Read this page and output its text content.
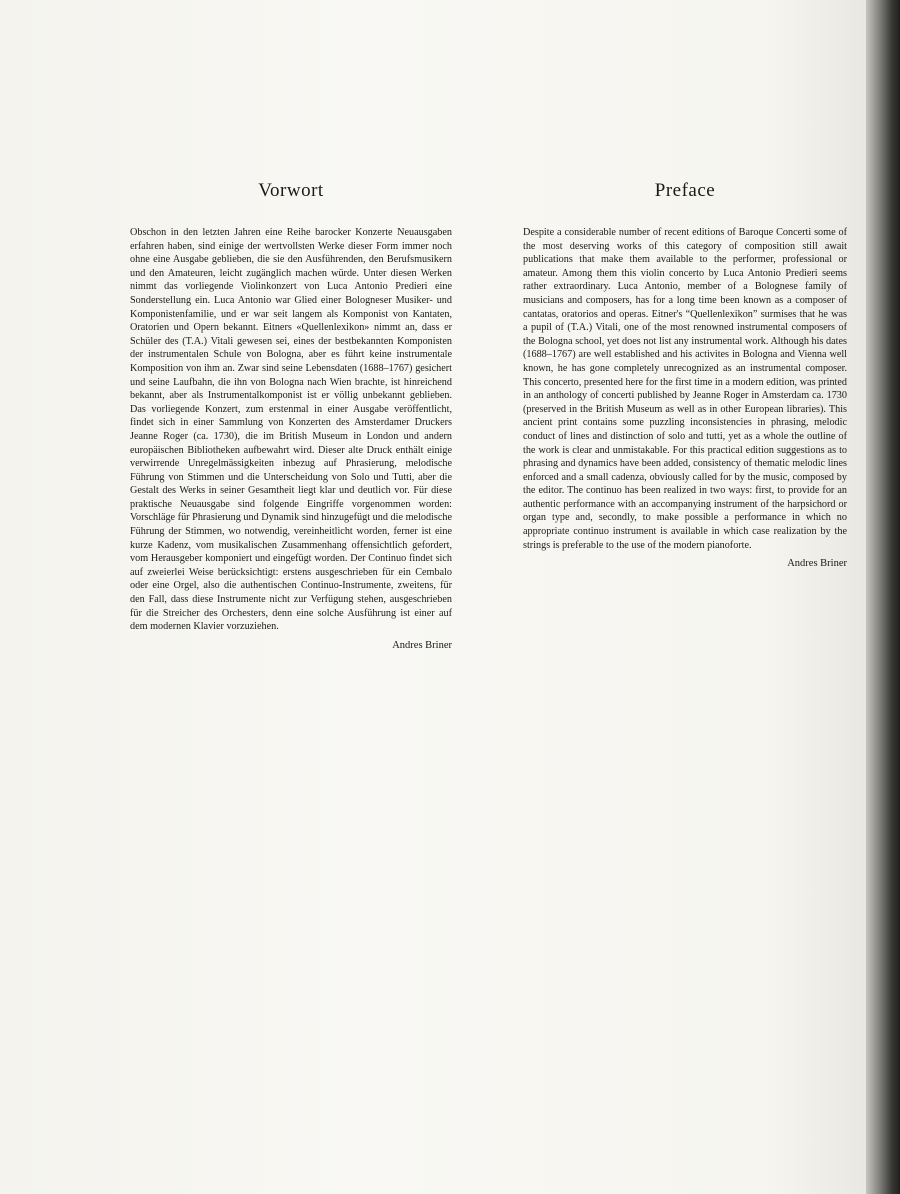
Vorwort

Obschon in den letzten Jahren eine Reihe barocker Konzerte Neuausgaben erfahren haben, sind einige der wertvollsten Werke dieser Form immer noch ohne eine Ausgabe geblieben, die sie den Ausführenden, den Berufsmusikern und den Amateuren, leicht zugänglich machen würde. Unter diesen Werken nimmt das vorliegende Violinkonzert von Luca Antonio Predieri eine Sonderstellung ein. Luca Antonio war Glied einer Bologneser Musiker- und Komponistenfamilie, und er war seit langem als Komponist von Kantaten, Oratorien und Opern bekannt. Eitners «Quellenlexikon» nimmt an, dass er Schüler des (T.A.) Vitali gewesen sei, eines der bestbekannten Komponisten der instrumentalen Schule von Bologna, aber es führt keine instrumentale Komposition von ihm an. Zwar sind seine Lebensdaten (1688–1767) gesichert und seine Laufbahn, die ihn von Bologna nach Wien brachte, ist hinreichend bekannt, aber als Instrumentalkomponist ist er völlig unbekannt geblieben. Das vorliegende Konzert, zum erstenmal in einer Ausgabe veröffentlicht, findet sich in einer Sammlung von Konzerten des Amsterdamer Druckers Jeanne Roger (ca. 1730), die im British Museum in London und andern europäischen Bibliotheken aufbewahrt wird. Dieser alte Druck enthält einige verwirrende Unregelmässigkeiten inbezug auf Phrasierung, melodische Führung von Stimmen und die Unterscheidung von Solo und Tutti, aber die Gestalt des Werks in seiner Gesamtheit liegt klar und deutlich vor. Für diese praktische Neuausgabe sind folgende Eingriffe vorgenommen worden: Vorschläge für Phrasierung und Dynamik sind hinzugefügt und die melodische Führung der Stimmen, wo notwendig, vereinheitlicht worden, ferner ist eine kurze Kadenz, vom musikalischen Zusammenhang offensichtlich gefordert, vom Herausgeber komponiert und eingefügt worden. Der Continuo findet sich auf zweierlei Weise berücksichtigt: erstens ausgeschrieben für ein Cembalo oder eine Orgel, also die authentischen Continuo-Instrumente, zweitens, für den Fall, dass diese Instrumente nicht zur Verfügung stehen, ausgeschrieben für die Streicher des Orchesters, denn eine solche Ausführung ist einer auf dem modernen Klavier vorzuziehen.

Andres Briner
Preface

Despite a considerable number of recent editions of Baroque Concerti some of the most deserving works of this category of composition still await publications that make them available to the performer, professional or amateur. Among them this violin concerto by Luca Antonio Predieri seems rather extraordinary. Luca Antonio, member of a Bolognese family of musicians and composers, has for a long time been known as a composer of cantatas, oratorios and operas. Eitner's “Quellenlexikon” surmises that he was a pupil of (T.A.) Vitali, one of the most renowned instrumental composers of the Bologna school, yet does not list any instrumental work. Although his dates (1688–1767) are well established and his activites in Bologna and Vienna well known, he has gone completely unrecognized as an instrumental composer. This concerto, presented here for the first time in a modern edition, was printed in an anthology of concerti published by Jeanne Roger in Amsterdam ca. 1730 (preserved in the British Museum as well as in other European libraries). This ancient print contains some puzzling inconsistencies in phrasing, melodic conduct of lines and distinction of solo and tutti, yet as a whole the outline of the work is clear and unmistakable. For this practical edition suggestions as to phrasing and dynamics have been added, consistency of thematic melodic lines enforced and a small cadenza, obviously called for by the music, composed by the editor. The continuo has been realized in two ways: first, to provide for an authentic performance with an accompanying instrument of the harpsichord or organ type and, secondly, to make possible a performance in which no appropriate continuo instrument is available in which case realization by the strings is preferable to the use of the modern pianoforte.

Andres Briner
